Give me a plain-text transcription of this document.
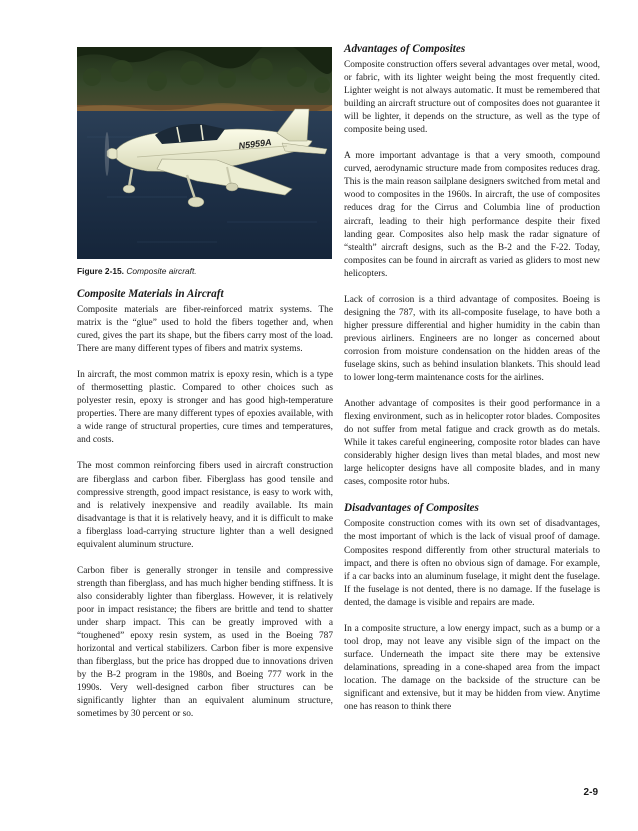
N5959A
Figure 2-15. Composite aircraft.
Composite Materials in Aircraft

Composite materials are fiber-reinforced matrix systems. The matrix is the “glue” used to hold the fibers together and, when cured, gives the part its shape, but the fibers carry most of the load. There are many different types of fibers and matrix systems.

In aircraft, the most common matrix is epoxy resin, which is a type of thermosetting plastic. Compared to other choices such as polyester resin, epoxy is stronger and has good high-temperature properties. There are many different types of epoxies available, with a wide range of structural properties, cure times and temperatures, and costs.

The most common reinforcing fibers used in aircraft construction are fiberglass and carbon fiber. Fiberglass has good tensile and compressive strength, good impact resistance, is easy to work with, and is relatively inexpensive and readily available. Its main disadvantage is that it is relatively heavy, and it is difficult to make a fiberglass load-carrying structure lighter than a well designed equivalent aluminum structure.

Carbon fiber is generally stronger in tensile and compressive strength than fiberglass, and has much higher bending stiffness. It is also considerably lighter than fiberglass. However, it is relatively poor in impact resistance; the fibers are brittle and tend to shatter under sharp impact. This can be greatly improved with a “toughened” epoxy resin system, as used in the Boeing 787 horizontal and vertical stabilizers. Carbon fiber is more expensive than fiberglass, but the price has dropped due to innovations driven by the B-2 program in the 1980s, and Boeing 777 work in the 1990s. Very well-designed carbon fiber structures can be significantly lighter than an equivalent aluminum structure, sometimes by 30 percent or so.

Advantages of Composites

Composite construction offers several advantages over metal, wood, or fabric, with its lighter weight being the most frequently cited. Lighter weight is not always automatic. It must be remembered that building an aircraft structure out of composites does not guarantee it will be lighter, it depends on the structure, as well as the type of composite being used.

A more important advantage is that a very smooth, compound curved, aerodynamic structure made from composites reduces drag. This is the main reason sailplane designers switched from metal and wood to composites in the 1960s. In aircraft, the use of composites reduces drag for the Cirrus and Columbia line of production aircraft, leading to their high performance despite their fixed landing gear. Composites also help mask the radar signature of “stealth” aircraft designs, such as the B-2 and the F-22. Today, composites can be found in aircraft as varied as gliders to most new helicopters.

Lack of corrosion is a third advantage of composites. Boeing is designing the 787, with its all-composite fuselage, to have both a higher pressure differential and higher humidity in the cabin than previous airliners. Engineers are no longer as concerned about corrosion from moisture condensation on the hidden areas of the fuselage skins, such as behind insulation blankets. This should lead to lower long-term maintenance costs for the airlines.

Another advantage of composites is their good performance in a flexing environment, such as in helicopter rotor blades. Composites do not suffer from metal fatigue and crack growth as do metals. While it takes careful engineering, composite rotor blades can have considerably higher design lives than metal blades, and most new large helicopter designs have all composite blades, and in many cases, composite rotor hubs.

Disadvantages of Composites

Composite construction comes with its own set of disadvantages, the most important of which is the lack of visual proof of damage. Composites respond differently from other structural materials to impact, and there is often no obvious sign of damage. For example, if a car backs into an aluminum fuselage, it might dent the fuselage. If the fuselage is not dented, there is no damage. If the fuselage is dented, the damage is visible and repairs are made.

In a composite structure, a low energy impact, such as a bump or a tool drop, may not leave any visible sign of the impact on the surface. Underneath the impact site there may be extensive delaminations, spreading in a cone-shaped area from the impact location. The damage on the backside of the structure can be significant and extensive, but it may be hidden from view. Anytime one has reason to think there

2-9
